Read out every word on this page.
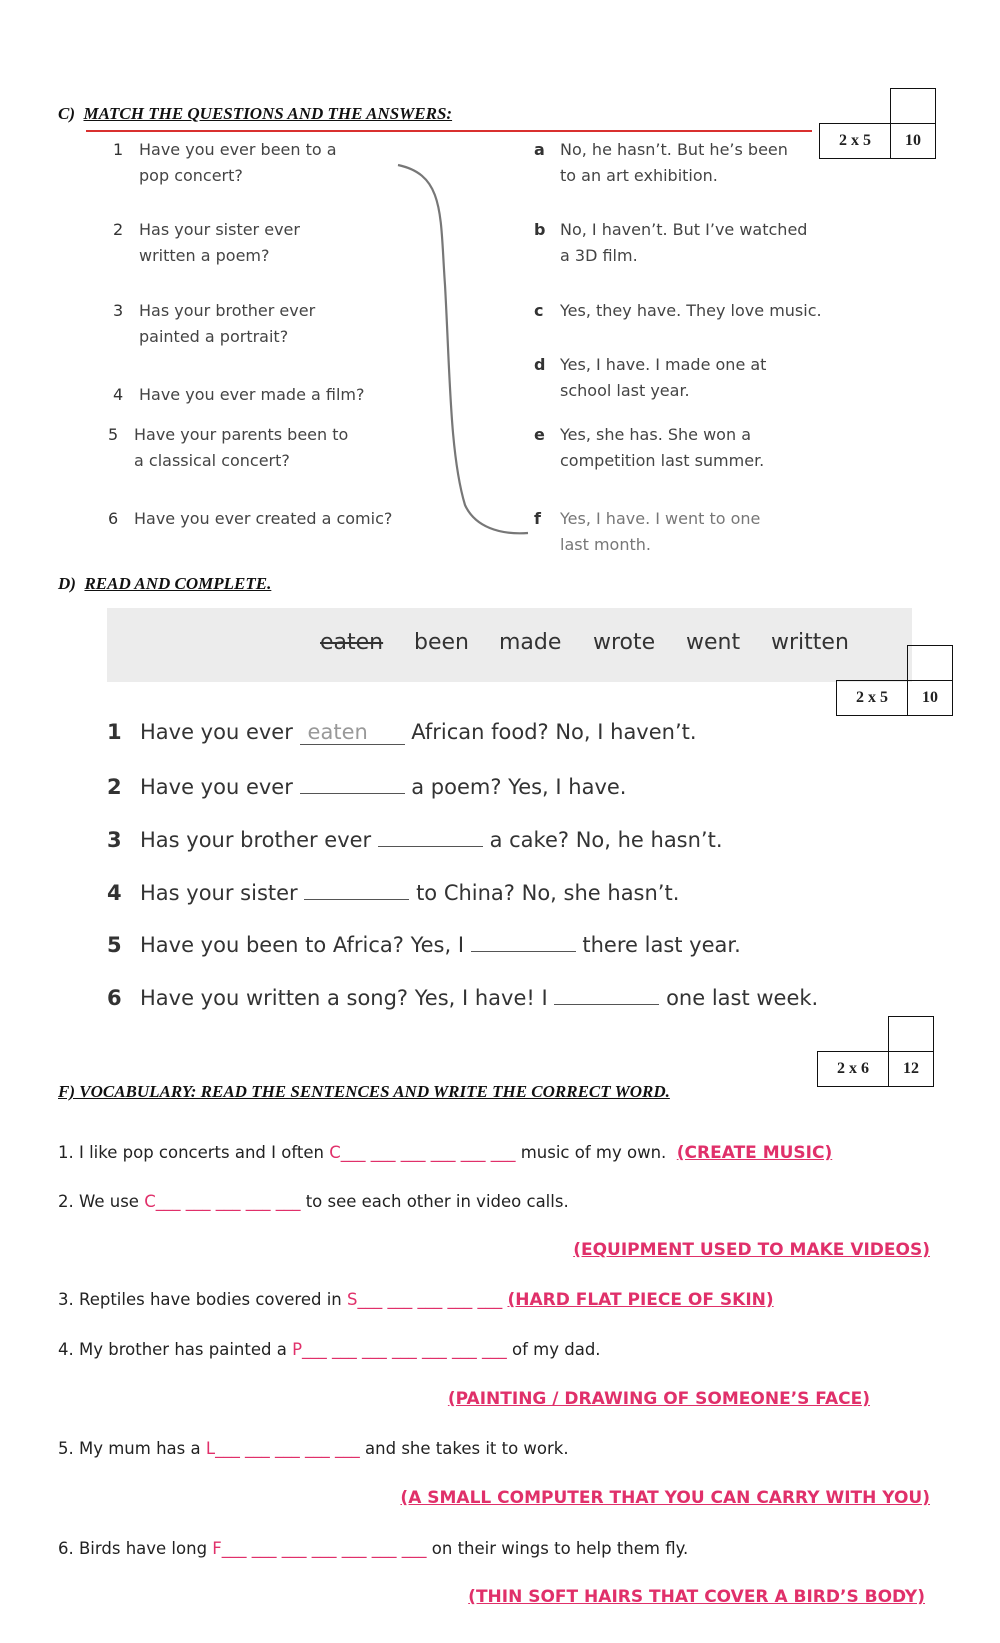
C) MATCH THE QUESTIONS AND THE ANSWERS:

2 x 5	10
1 Have you ever been to a
pop concert?
2 Has your sister ever
written a poem?
3 Has your brother ever
painted a portrait?
4 Have you ever made a film?
5 Have your parents been to
a classical concert?
6 Have you ever created a comic?
a No, he hasn’t. But he’s been
to an art exhibition.
b No, I haven’t. But I’ve watched
a 3D film.
c Yes, they have. They love music.
d Yes, I have. I made one at
school last year.
e Yes, she has. She won a
competition last summer.
f Yes, I have. I went to one
last month.
D) READ AND COMPLETE.
eaten been made wrote went written

2 x 5	10
1 Have you ever eaten African food? No, I haven’t.
2 Have you ever	a poem? Yes, I have.
3 Has your brother ever	a cake? No, he hasn’t.
4 Has your sister	to China? No, she hasn’t.
5 Have you been to Africa? Yes, I	there last year.
6 Have you written a song? Yes, I have! I	one last week.

2 x 6	12
F) VOCABULARY: READ THE SENTENCES AND WRITE THE CORRECT WORD.
1. I like pop concerts and I often C___ ___ ___ ___ ___ ___ music of my own. (CREATE MUSIC)
2. We use C___ ___ ___ ___ ___ to see each other in video calls.
(EQUIPMENT USED TO MAKE VIDEOS)
3. Reptiles have bodies covered in S___ ___ ___ ___ ___ (HARD FLAT PIECE OF SKIN)
4. My brother has painted a P___ ___ ___ ___ ___ ___ ___ of my dad.
(PAINTING / DRAWING OF SOMEONE’S FACE)
5. My mum has a L___ ___ ___ ___ ___ and she takes it to work.
(A SMALL COMPUTER THAT YOU CAN CARRY WITH YOU)
6. Birds have long F___ ___ ___ ___ ___ ___ ___ on their wings to help them fly.
(THIN SOFT HAIRS THAT COVER A BIRD’S BODY)
